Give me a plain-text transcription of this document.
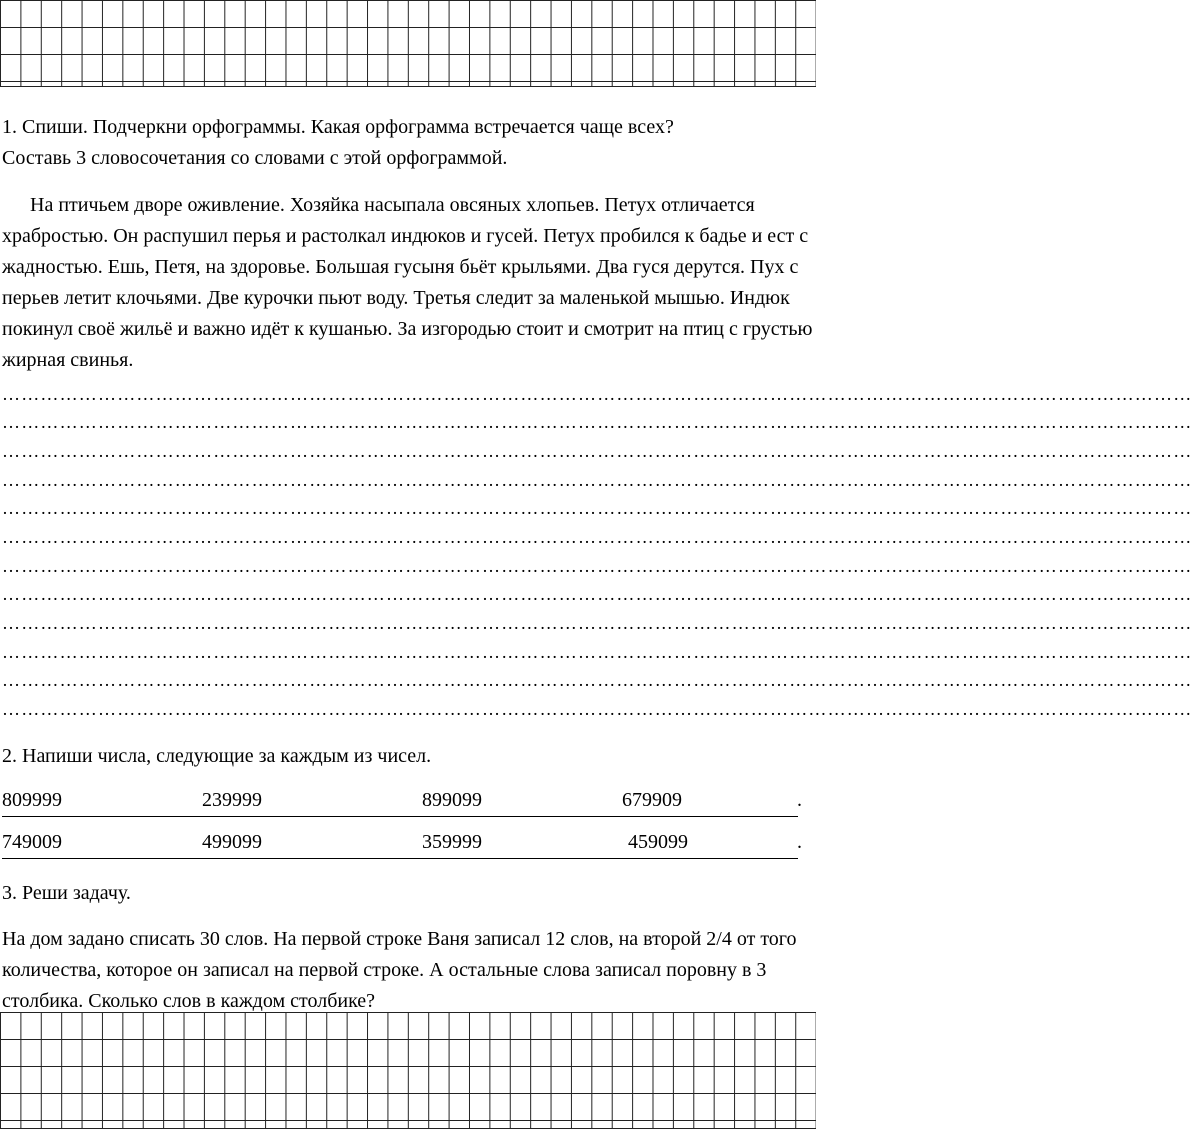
1. Спиши. Подчеркни орфограммы. Какая орфограмма встречается чаще всех?
Составь 3 словосочетания со словами с этой орфограммой.

На птичьем дворе оживление. Хозяйка насыпала овсяных хлопьев. Петух отличается храбростью. Он распушил перья и растолкал индюков и гусей. Петух пробился к бадье и ест с жадностью. Ешь, Петя, на здоровье. Большая гусыня бьёт крыльями. Два гуся дерутся. Пух с перьев летит клочьями. Две курочки пьют воду. Третья следит за маленькой мышью. Индюк покинул своё жильё и важно идёт к кушанью. За изгородью стоит и смотрит на птиц с грустью жирная свинья.

……………………………………………………………………………………………………………………………………………………………………
……………………………………………………………………………………………………………………………………………………………………
……………………………………………………………………………………………………………………………………………………………………
……………………………………………………………………………………………………………………………………………………………………
……………………………………………………………………………………………………………………………………………………………………
……………………………………………………………………………………………………………………………………………………………………
……………………………………………………………………………………………………………………………………………………………………
……………………………………………………………………………………………………………………………………………………………………
……………………………………………………………………………………………………………………………………………………………………
……………………………………………………………………………………………………………………………………………………………………
……………………………………………………………………………………………………………………………………………………………………
……………………………………………………………………………………………………………………………………………………………………
2. Напиши числа, следующие за каждым из чисел.
809999	239999	899099	679909	.
749009	499099	359999	459099	.
3. Реши задачу.
На дом задано списать 30 слов. На первой строке Ваня записал 12 слов, на второй 2/4 от того количества, которое он записал на первой строке. А остальные слова записал поровну в 3 столбика. Сколько слов в каждом столбике?
